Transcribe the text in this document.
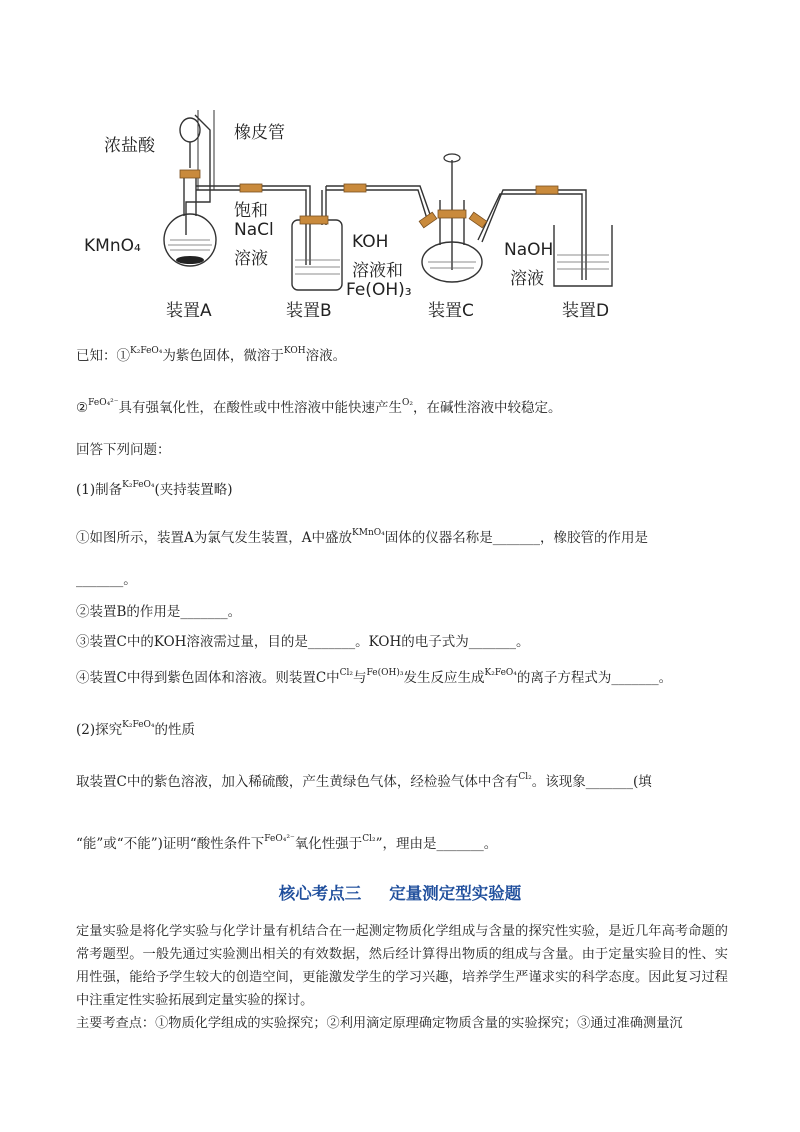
浓盐酸
橡皮管
KMnO₄
饱和
NaCl
溶液
KOH
溶液和
Fe(OH)₃
NaOH
溶液
装置A	装置B	装置C	装置D
已知：①$^{K_2FeO_4}$为紫色固体，微溶于$^{KOH}$溶液。
②$^{FeO_4^{2-}}$具有强氧化性，在酸性或中性溶液中能快速产生$^{O_2}$，在碱性溶液中较稳定。
回答下列问题：
(1)制备$^{K_2FeO_4}$(夹持装置略)
①如图所示，装置A为氯气发生装置，A中盛放$^{KMnO_4}$固体的仪器名称是_______，橡胶管的作用是
_______。
②装置B的作用是_______。
③装置C中的KOH溶液需过量，目的是_______。KOH的电子式为_______。
④装置C中得到紫色固体和溶液。则装置C中$^{Cl_2}$与$^{Fe(OH)_3}$发生反应生成$^{K_2FeO_4}$的离子方程式为_______。
(2)探究$^{K_2FeO_4}$的性质
取装置C中的紫色溶液，加入稀硫酸，产生黄绿色气体，经检验气体中含有$^{Cl_2}$。该现象_______(填
“能”或“不能”)证明“酸性条件下$^{FeO_4^{2-}}$氧化性强于$^{Cl_2}$”，理由是_______。
核心考点三 定量测定型实验题
定量实验是将化学实验与化学计量有机结合在一起测定物质化学组成与含量的探究性实验，是近几年高考命题的常考题型。一般先通过实验测出相关的有效数据，然后经计算得出物质的组成与含量。由于定量实验目的性、实用性强，能给予学生较大的创造空间，更能激发学生的学习兴趣，培养学生严谨求实的科学态度。因此复习过程中注重定性实验拓展到定量实验的探讨。
主要考查点：①物质化学组成的实验探究；②利用滴定原理确定物质含量的实验探究；③通过准确测量沉
